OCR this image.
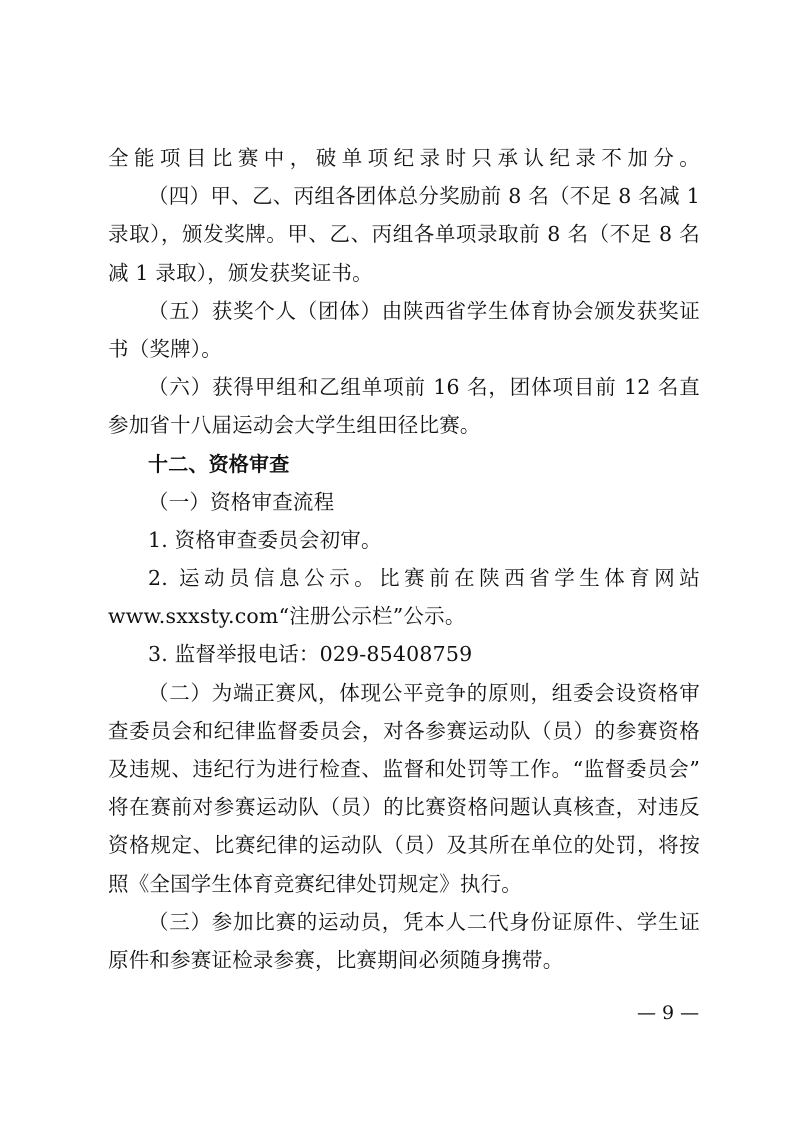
全能项目比赛中，破单项纪录时只承认纪录不加分。
（四）甲、乙、丙组各团体总分奖励前 8 名（不足 8 名减 1
录取），颁发奖牌。甲、乙、丙组各单项录取前 8 名（不足 8 名
减 1 录取），颁发获奖证书。
（五）获奖个人（团体）由陕西省学生体育协会颁发获奖证
书（奖牌）。
（六）获得甲组和乙组单项前 16 名，团体项目前 12 名直
参加省十八届运动会大学生组田径比赛。
十二、资格审查
（一）资格审查流程
1. 资格审查委员会初审。
2. 运动员信息公示。比赛前在陕西省学生体育网站
www.sxxsty.com“注册公示栏”公示。
3. 监督举报电话：029-85408759
（二）为端正赛风，体现公平竞争的原则，组委会设资格审
查委员会和纪律监督委员会，对各参赛运动队（员）的参赛资格
及违规、违纪行为进行检查、监督和处罚等工作。“监督委员会”
将在赛前对参赛运动队（员）的比赛资格问题认真核查，对违反
资格规定、比赛纪律的运动队（员）及其所在单位的处罚，将按
照《全国学生体育竞赛纪律处罚规定》执行。
（三）参加比赛的运动员，凭本人二代身份证原件、学生证
原件和参赛证检录参赛，比赛期间必须随身携带。
— 9 —
